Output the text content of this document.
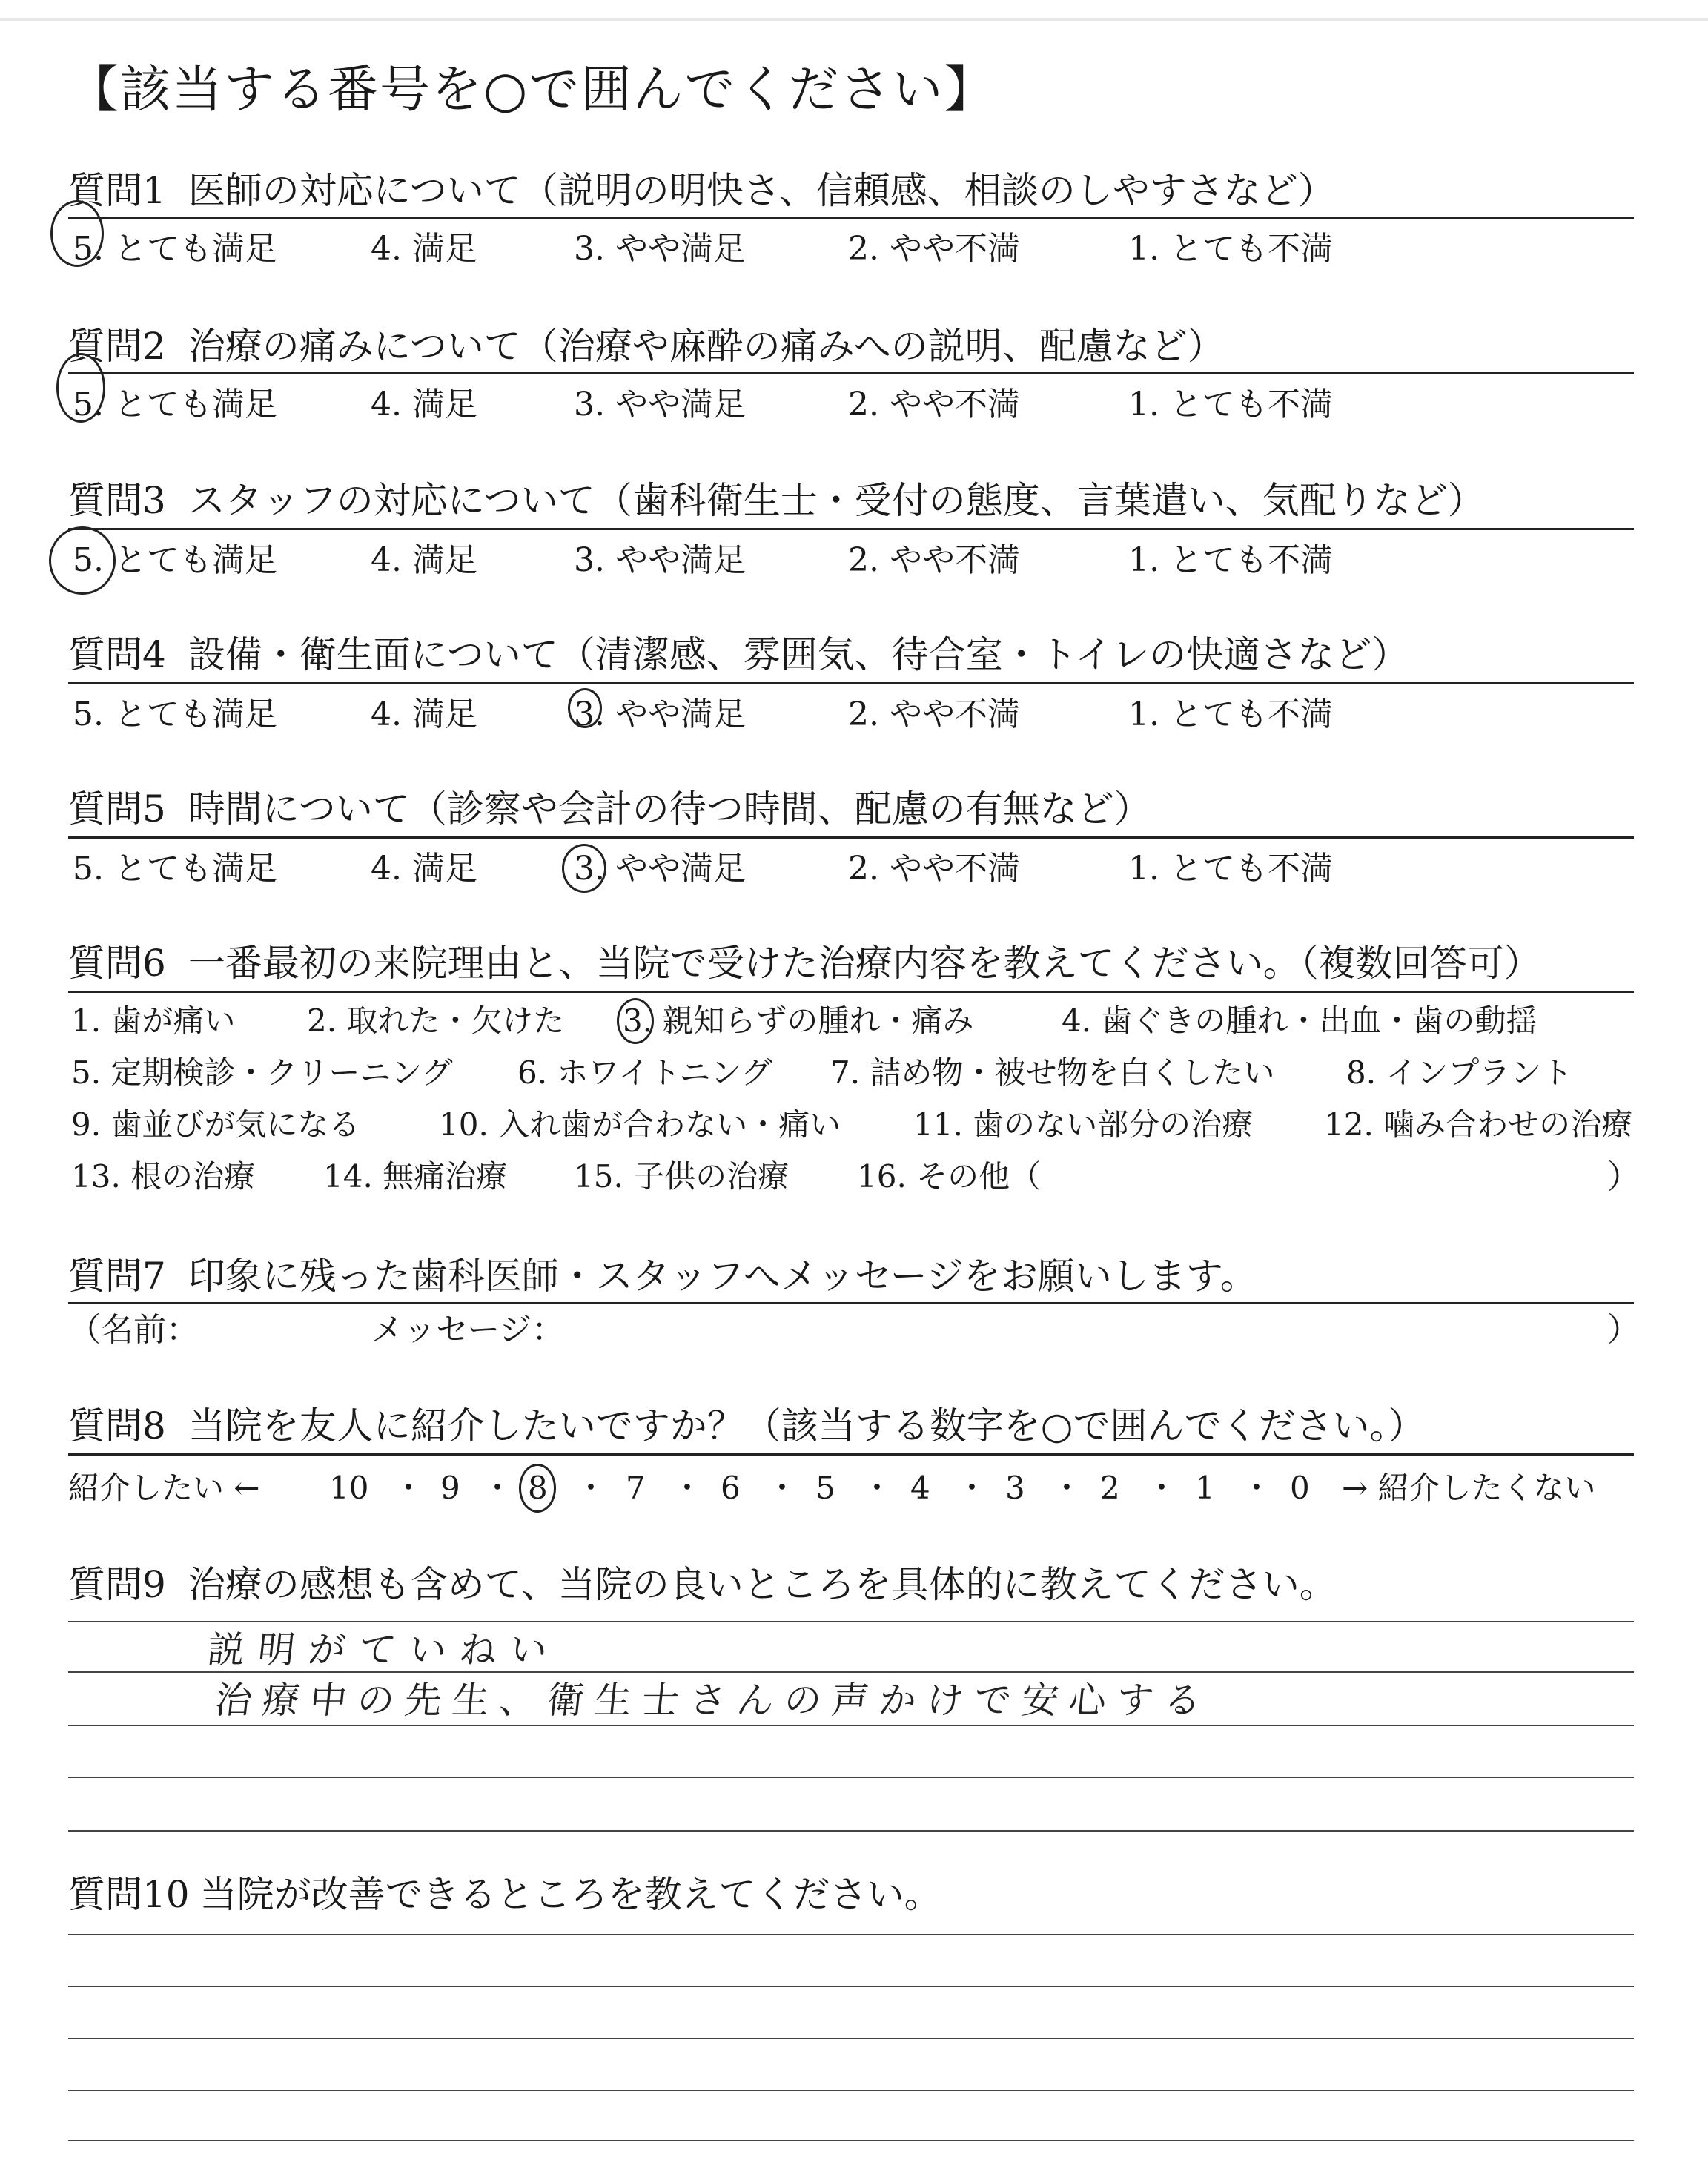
【該当する番号を○で囲んでください】
質問1 医師の対応について（説明の明快さ、信頼感、相談のしやすさなど）
5. とても満足	4. 満足	3. やや満足	2. やや不満	1. とても不満
質問2 治療の痛みについて（治療や麻酔の痛みへの説明、配慮など）
5. とても満足	4. 満足	3. やや満足	2. やや不満	1. とても不満
質問3 スタッフの対応について（歯科衛生士・受付の態度、言葉遣い、気配りなど）
5. とても満足	4. 満足	3. やや満足	2. やや不満	1. とても不満
質問4 設備・衛生面について（清潔感、雰囲気、待合室・トイレの快適さなど）
5. とても満足	4. 満足	3. やや満足	2. やや不満	1. とても不満
質問5 時間について（診察や会計の待つ時間、配慮の有無など）
5. とても満足	4. 満足	3. やや満足	2. やや不満	1. とても不満
質問6 一番最初の来院理由と、当院で受けた治療内容を教えてください。（複数回答可）
1. 歯が痛い 2. 取れた・欠けた 3. 親知らずの腫れ・痛み	4. 歯ぐきの腫れ・出血・歯の動揺
5. 定期検診・クリーニング 6. ホワイトニング 7. 詰め物・被せ物を白くしたい 8. インプラント
9. 歯並びが気になる	10. 入れ歯が合わない・痛い 11. 歯のない部分の治療 12. 噛み合わせの治療
13. 根の治療 14. 無痛治療 15. 子供の治療 16. その他（	）
質問7 印象に残った歯科医師・スタッフへメッセージをお願いします。
（名前：	メッセージ：	）
質問8 当院を友人に紹介したいですか？（該当する数字を○で囲んでください。）
紹介したい ← 10 ・ 9 ・ 8 ・ 7 ・ 6 ・ 5 ・ 4 ・ 3 ・ 2 ・ 1 ・ 0 → 紹介したくない
質問9 治療の感想も含めて、当院の良いところを具体的に教えてください。
説明がていねい
治療中の先生、衛生士さんの声かけで安心する
質問10 当院が改善できるところを教えてください。
